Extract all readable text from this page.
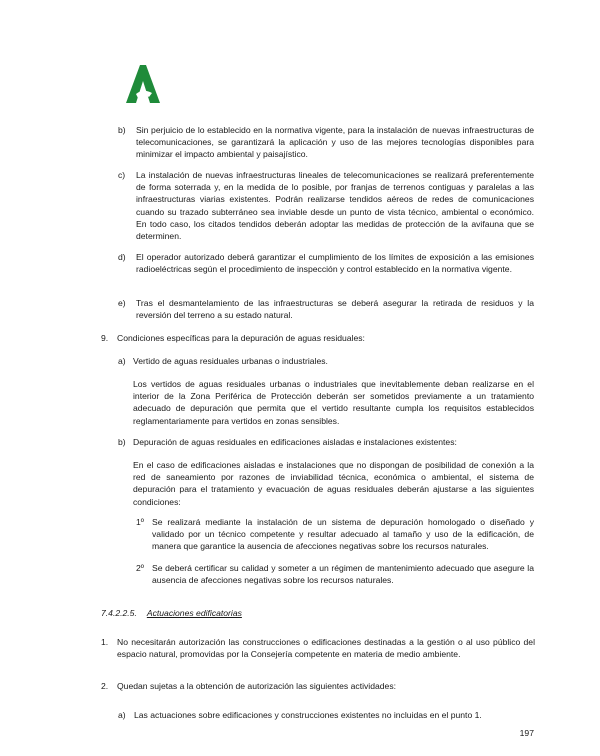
b) Sin perjuicio de lo establecido en la normativa vigente, para la instalación de nuevas infraestructuras de telecomunicaciones, se garantizará la aplicación y uso de las mejores tecnologías disponibles para minimizar el impacto ambiental y paisajístico.
c) La instalación de nuevas infraestructuras lineales de telecomunicaciones se realizará preferentemente de forma soterrada y, en la medida de lo posible, por franjas de terrenos contiguas y paralelas a las infraestructuras viarias existentes. Podrán realizarse tendidos aéreos de redes de comunicaciones cuando su trazado subterráneo sea inviable desde un punto de vista técnico, ambiental o económico. En todo caso, los citados tendidos deberán adoptar las medidas de protección de la avifauna que se determinen.
d) El operador autorizado deberá garantizar el cumplimiento de los límites de exposición a las emisiones radioeléctricas según el procedimiento de inspección y control establecido en la normativa vigente.
e) Tras el desmantelamiento de las infraestructuras se deberá asegurar la retirada de residuos y la reversión del terreno a su estado natural.
9. Condiciones específicas para la depuración de aguas residuales:
a) Vertido de aguas residuales urbanas o industriales.
Los vertidos de aguas residuales urbanas o industriales que inevitablemente deban realizarse en el interior de la Zona Periférica de Protección deberán ser sometidos previamente a un tratamiento adecuado de depuración que permita que el vertido resultante cumpla los requisitos establecidos reglamentariamente para vertidos en zonas sensibles.
b) Depuración de aguas residuales en edificaciones aisladas e instalaciones existentes:
En el caso de edificaciones aisladas e instalaciones que no dispongan de posibilidad de conexión a la red de saneamiento por razones de inviabilidad técnica, económica o ambiental, el sistema de depuración para el tratamiento y evacuación de aguas residuales deberán ajustarse a las siguientes condiciones:
1º Se realizará mediante la instalación de un sistema de depuración homologado o diseñado y validado por un técnico competente y resultar adecuado al tamaño y uso de la edificación, de manera que garantice la ausencia de afecciones negativas sobre los recursos naturales.
2º Se deberá certificar su calidad y someter a un régimen de mantenimiento adecuado que asegure la ausencia de afecciones negativas sobre los recursos naturales.
7.4.2.2.5. Actuaciones edificatorias
1. No necesitarán autorización las construcciones o edificaciones destinadas a la gestión o al uso público del espacio natural, promovidas por la Consejería competente en materia de medio ambiente.
2. Quedan sujetas a la obtención de autorización las siguientes actividades:
a) Las actuaciones sobre edificaciones y construcciones existentes no incluidas en el punto 1.
197
